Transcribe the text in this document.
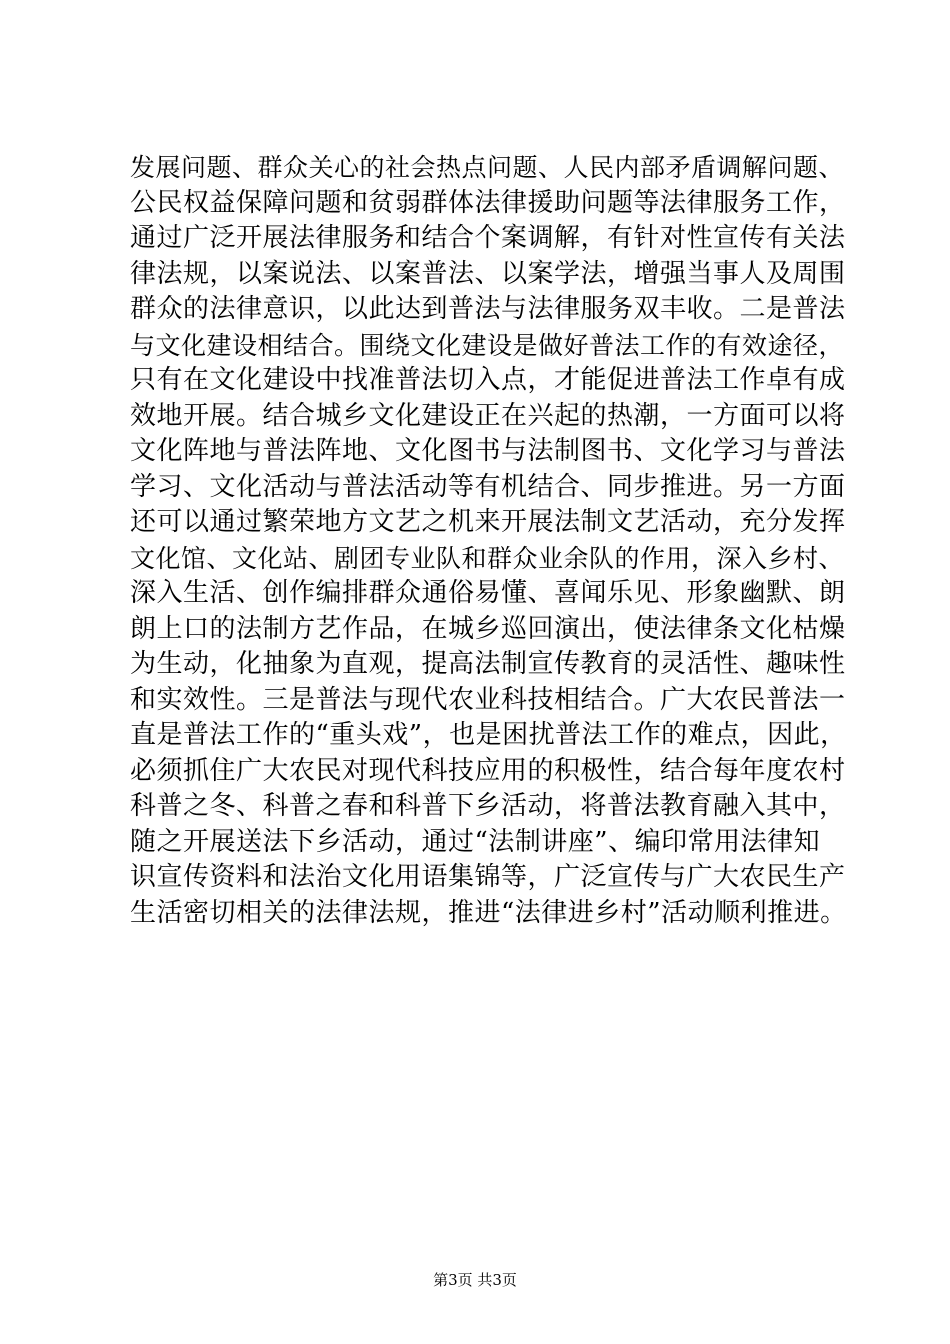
发展问题、群众关心的社会热点问题、人民内部矛盾调解问题、
公民权益保障问题和贫弱群体法律援助问题等法律服务工作，
通过广泛开展法律服务和结合个案调解，有针对性宣传有关法
律法规，以案说法、以案普法、以案学法，增强当事人及周围
群众的法律意识，以此达到普法与法律服务双丰收。二是普法
与文化建设相结合。围绕文化建设是做好普法工作的有效途径，
只有在文化建设中找准普法切入点，才能促进普法工作卓有成
效地开展。结合城乡文化建设正在兴起的热潮，一方面可以将
文化阵地与普法阵地、文化图书与法制图书、文化学习与普法
学习、文化活动与普法活动等有机结合、同步推进。另一方面
还可以通过繁荣地方文艺之机来开展法制文艺活动，充分发挥
文化馆、文化站、剧团专业队和群众业余队的作用，深入乡村、
深入生活、创作编排群众通俗易懂、喜闻乐见、形象幽默、朗
朗上口的法制方艺作品，在城乡巡回演出，使法律条文化枯燥
为生动，化抽象为直观，提高法制宣传教育的灵活性、趣味性
和实效性。三是普法与现代农业科技相结合。广大农民普法一
直是普法工作的“重头戏”，也是困扰普法工作的难点，因此，
必须抓住广大农民对现代科技应用的积极性，结合每年度农村
科普之冬、科普之春和科普下乡活动，将普法教育融入其中，
随之开展送法下乡活动，通过“法制讲座”、编印常用法律知
识宣传资料和法治文化用语集锦等，广泛宣传与广大农民生产
生活密切相关的法律法规，推进“法律进乡村”活动顺利推进。
第3页 共3页
